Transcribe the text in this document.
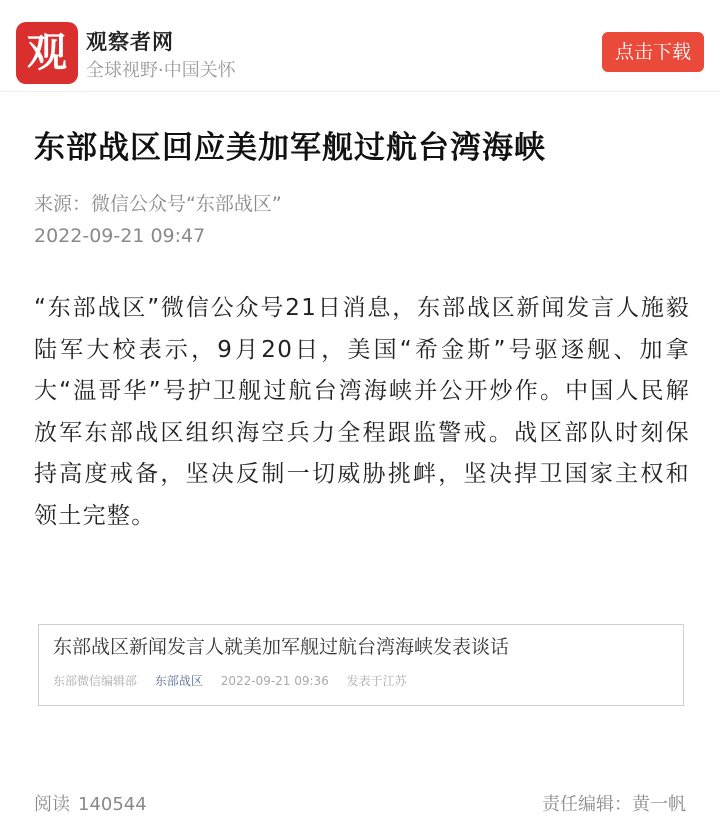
观 观察者网
全球视野·中国关怀
点击下载
东部战区回应美加军舰过航台湾海峡
来源：微信公众号“东部战区”
2022-09-21 09:47

“东部战区”微信公众号21日消息，东部战区新闻发言人施毅陆军大校表示，9月20日，美国“希金斯”号驱逐舰、加拿大“温哥华”号护卫舰过航台湾海峡并公开炒作。中国人民解放军东部战区组织海空兵力全程跟监警戒。战区部队时刻保持高度戒备，坚决反制一切威胁挑衅，坚决捍卫国家主权和领土完整。

东部战区新闻发言人就美加军舰过航台湾海峡发表谈话
东部微信编辑部 东部战区 2022-09-21 09:36 发表于江苏
阅读 140544	责任编辑：黄一帆
